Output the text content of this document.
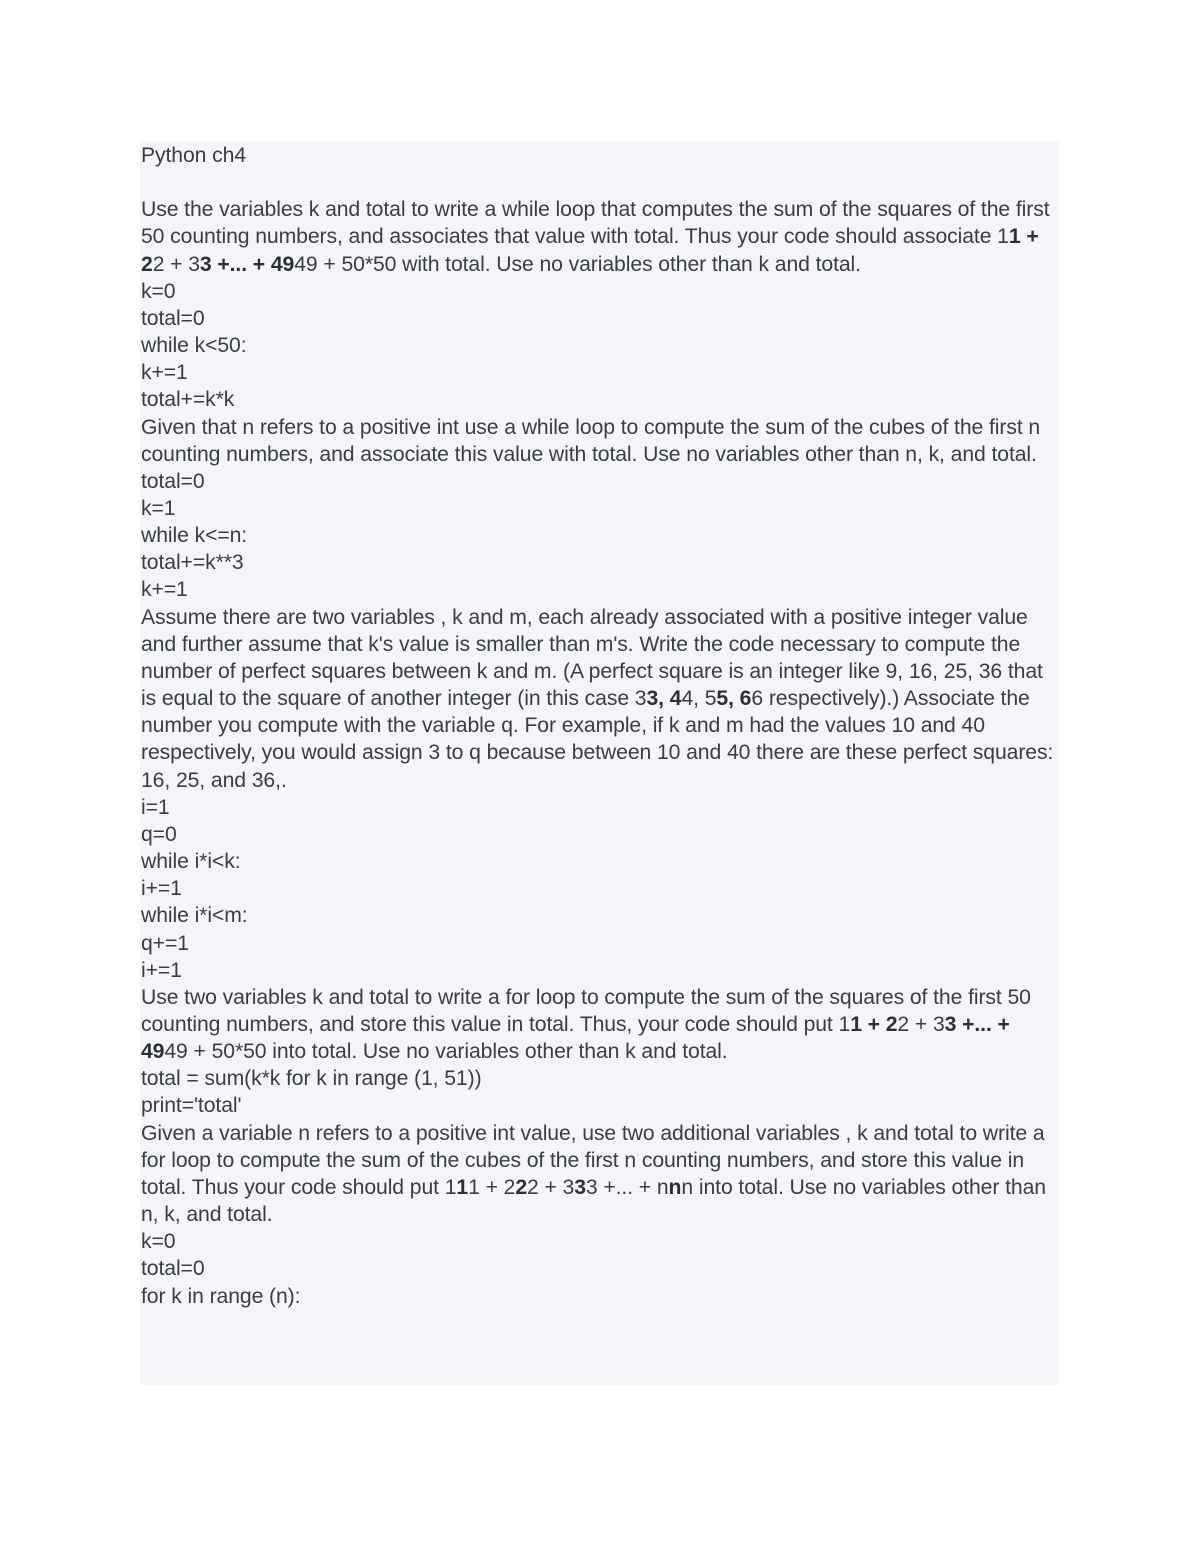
Python ch4
Use the variables k and total to write a while loop that computes the sum of the squares of the first 50 counting numbers, and associates that value with total. Thus your code should associate 11 + 22 + 33 +... + 4949 + 50*50 with total. Use no variables other than k and total.
k=0
total=0
while k<50:
k+=1
total+=k*k
Given that n refers to a positive int use a while loop to compute the sum of the cubes of the first n counting numbers, and associate this value with total. Use no variables other than n, k, and total.
total=0
k=1
while k<=n:
total+=k**3
k+=1
Assume there are two variables , k and m, each already associated with a positive integer value and further assume that k's value is smaller than m's. Write the code necessary to compute the number of perfect squares between k and m. (A perfect square is an integer like 9, 16, 25, 36 that is equal to the square of another integer (in this case 33, 44, 55, 66 respectively).) Associate the number you compute with the variable q. For example, if k and m had the values 10 and 40 respectively, you would assign 3 to q because between 10 and 40 there are these perfect squares: 16, 25, and 36,.
i=1
q=0
while i*i<k:
i+=1
while i*i<m:
q+=1
i+=1
Use two variables k and total to write a for loop to compute the sum of the squares of the first 50 counting numbers, and store this value in total. Thus, your code should put 11 + 22 + 33 +... + 4949 + 50*50 into total. Use no variables other than k and total.
total = sum(k*k for k in range (1, 51))
print='total'
Given a variable n refers to a positive int value, use two additional variables , k and total to write a for loop to compute the sum of the cubes of the first n counting numbers, and store this value in total. Thus your code should put 111 + 222 + 333 +... + nnn into total. Use no variables other than n, k, and total.
k=0
total=0
for k in range (n):
